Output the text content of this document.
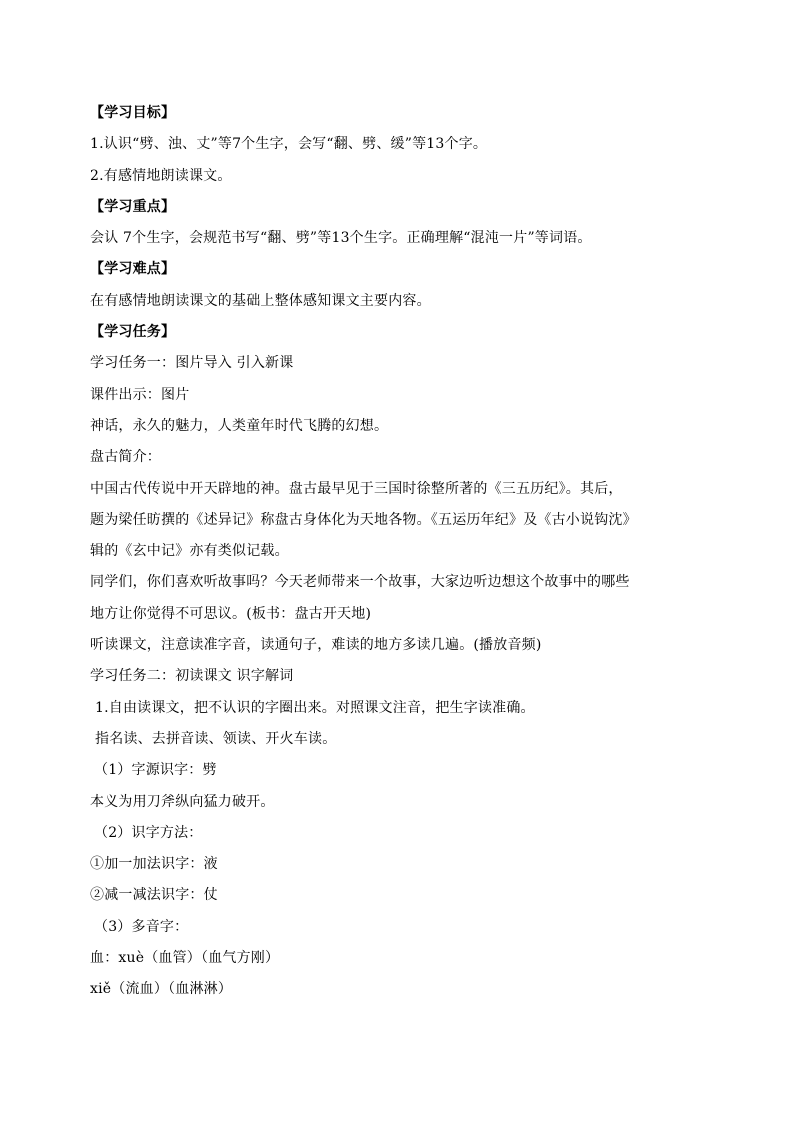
【学习目标】
1.认识“劈、浊、丈”等7个生字，会写“翻、劈、缓”等13个字。
2.有感情地朗读课文。
【学习重点】
会认 7个生字，会规范书写“翻、劈”等13个生字。正确理解“混沌一片”等词语。
【学习难点】
在有感情地朗读课文的基础上整体感知课文主要内容。
【学习任务】
学习任务一：图片导入 引入新课
课件出示：图片
神话，永久的魅力，人类童年时代飞腾的幻想。
盘古简介：
中国古代传说中开天辟地的神。盘古最早见于三国时徐整所著的《三五历纪》。其后，
题为梁任昉撰的《述异记》称盘古身体化为天地各物。《五运历年纪》及《古小说钩沈》
辑的《玄中记》亦有类似记载。
同学们，你们喜欢听故事吗？今天老师带来一个故事，大家边听边想这个故事中的哪些
地方让你觉得不可思议。(板书：盘古开天地)
听读课文，注意读准字音，读通句子，难读的地方多读几遍。(播放音频)
学习任务二：初读课文 识字解词
1.自由读课文，把不认识的字圈出来。对照课文注音，把生字读准确。
指名读、去拼音读、领读、开火车读。
（1）字源识字：劈
本义为用刀斧纵向猛力破开。
（2）识字方法：
①加一加法识字：液
②减一减法识字：仗
（3）多音字：
血：xuè（血管）（血气方刚）
xiě（流血）（血淋淋）
